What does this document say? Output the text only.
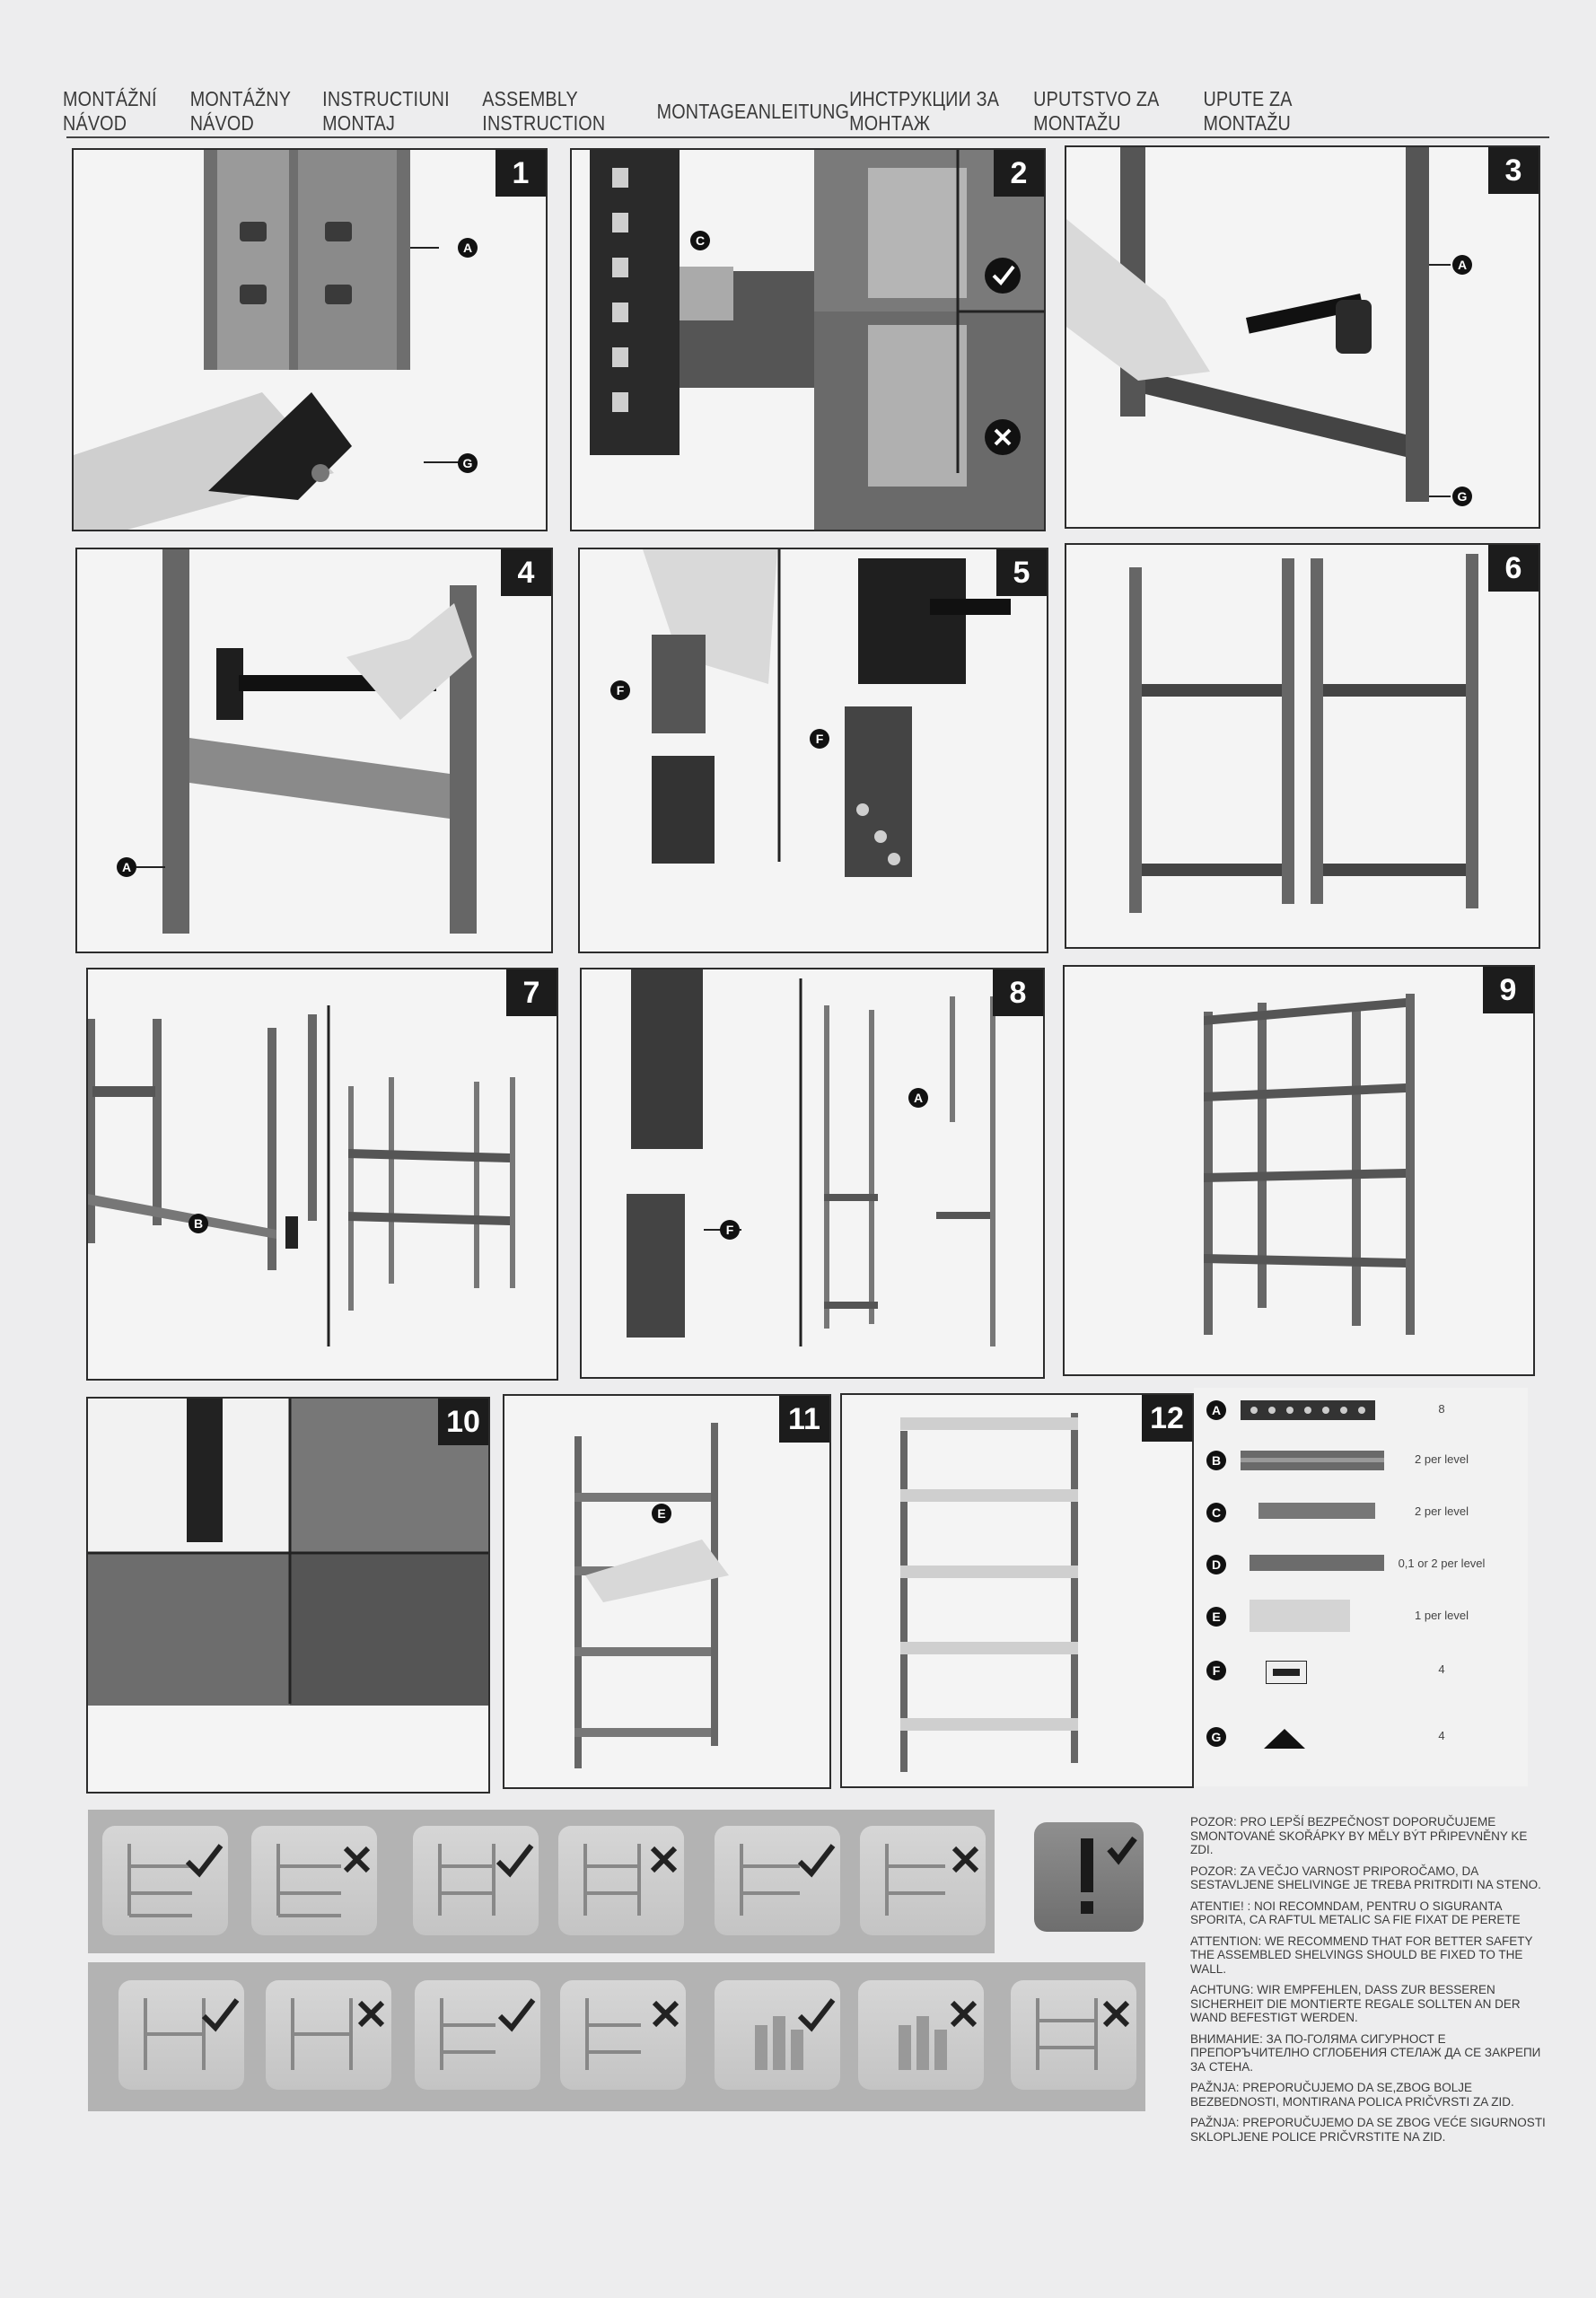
MONTÁŽNÍ NÁVOD
MONTÁŽNY NÁVOD
INSTRUCTIUNI MONTAJ
ASSEMBLY INSTRUCTION
MONTAGEANLEITUNG
ИНСТРУКЦИИ ЗА МОНТАЖ
UPUTSTVO ZA MONTAŽU
UPUTE ZA MONTAŽU
1
A
G
2
C
3
A
G
4
A
5
F
F
6
7
B
8
A
F
9
10	11
E
12	A	8
B	2 per level
C	2 per level
D	0,1 or 2 per level
E	1 per level
F	4
G	4

POZOR: PRO LEPŠÍ BEZPEČNOST DOPORUČUJEME SMONTOVANÉ SKOŘÁPKY BY MĚLY BÝT PŘIPEVNĚNY KE ZDI.

POZOR: ZA VEČJO VARNOST PRIPOROČAMO, DA SESTAVLJENE SHELIVINGE JE TREBA PRITRDITI NA STENO.

ATENTIE! : NOI RECOMNDAM, PENTRU O SIGURANTA SPORITA, CA RAFTUL METALIC SA FIE FIXAT DE PERETE

ATTENTION: WE RECOMMEND THAT FOR BETTER SAFETY THE ASSEMBLED SHELVINGS SHOULD BE FIXED TO THE WALL.

ACHTUNG: WIR EMPFEHLEN, DASS ZUR BESSEREN SICHERHEIT DIE MONTIERTE REGALE SOLLTEN AN DER WAND BEFESTIGT WERDEN.

ВНИМАНИЕ: ЗА ПО-ГОЛЯМА СИГУРНОСТ Е ПРЕПОРЪЧИТЕЛНО СГЛОБЕНИЯ СТЕЛАЖ ДА СЕ ЗАКРЕПИ ЗА СТЕНА.

PAŽNJA: PREPORUČUJEMO DA SE,ZBOG BOLJE BEZBEDNOSTI, MONTIRANA POLICA PRIČVRSTI ZA ZID.

PAŽNJA: PREPORUČUJEMO DA SE ZBOG VEĆE SIGURNOSTI SKLOPLJENE POLICE PRIČVRSTITE NA ZID.
